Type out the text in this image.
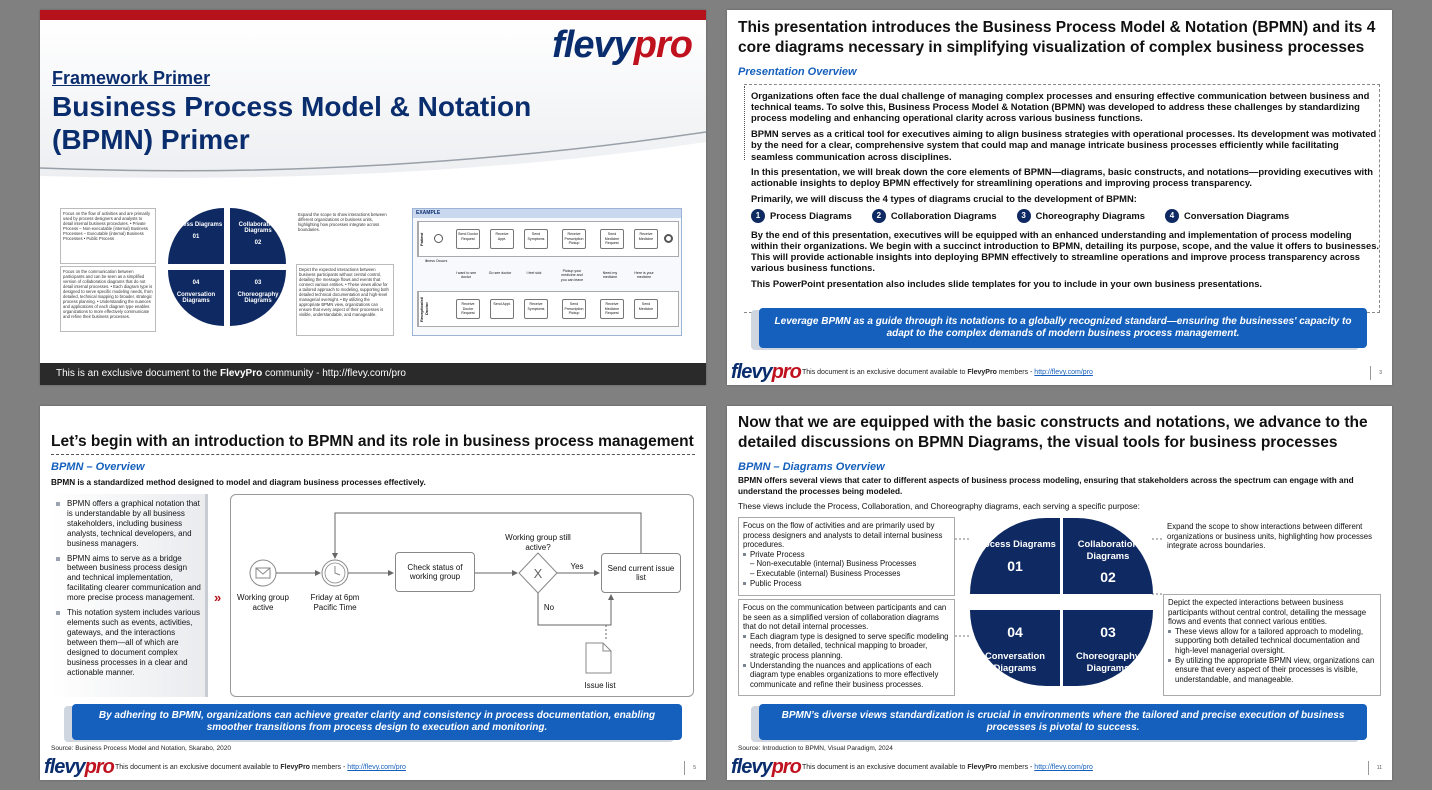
flevypro
Framework Primer
Business Process Model & Notation (BPMN) Primer
Focus on the flow of activities and are primarily used by process designers and analysts to detail internal business procedures. • Private Process – Non-executable (internal) Business Processes – Executable (internal) Business Processes • Public Process
Focus on the communication between participants and can be seen as a simplified version of collaboration diagrams that do not detail internal processes. • Each diagram type is designed to serve specific modeling needs, from detailed, technical mapping to broader, strategic process planning. • Understanding the nuances and applications of each diagram type enables organizations to more effectively communicate and refine their business processes.
Expand the scope to show interactions between different organizations or business units, highlighting how processes integrate across boundaries.
Depict the expected interactions between business participants without central control, detailing the message flows and events that connect various entities. • These views allow for a tailored approach to modeling, supporting both detailed technical documentation and high-level managerial oversight. • By utilizing the appropriate BPMN view, organizations can ensure that every aspect of their processes is visible, understandable, and manageable.
Process Diagrams
01
Collaboration Diagrams
02
04
Conversation Diagrams
03
Choreography Diagrams
EXAMPLE
Patient	Send Doctor Request
Receive Appt.
Send Symptoms
Receive Prescription Pickup
Send Medicine Request
Receive Medicine
Illness Occurs
I want to see doctor
Go see doctor	I feel sick	Pickup your medicine and you can leave
Need my medicine
Here is your medicine
Receptionist/ Doctor	Receive Doctor Request
Send Appt.	Receive Symptoms
Send Prescription Pickup
Receive Medicine Request
Send Medicine
This is an exclusive document to the FlevyPro community - http://flevy.com/pro
This presentation introduces the Business Process Model & Notation (BPMN) and its 4 core diagrams necessary in simplifying visualization of complex business processes
Presentation Overview

Organizations often face the dual challenge of managing complex processes and ensuring effective communication between business and technical teams. To solve this, Business Process Model & Notation (BPMN) was developed to address these challenges by standardizing process modeling and enhancing operational clarity across various business functions.

BPMN serves as a critical tool for executives aiming to align business strategies with operational processes. Its development was motivated by the need for a clear, comprehensive system that could map and manage intricate business processes efficiently while facilitating seamless communication across disciplines.

In this presentation, we will break down the core elements of BPMN—diagrams, basic constructs, and notations—providing executives with actionable insights to deploy BPMN effectively for streamlining operations and improving process transparency.

Primarily, we will discuss the 4 types of diagrams crucial to the development of BPMN:

1	Process Diagrams	2	Collaboration Diagrams	3	Choreography Diagrams	4	Conversation Diagrams

By the end of this presentation, executives will be equipped with an enhanced understanding and implementation of process modeling within their organizations. We begin with a succinct introduction to BPMN, detailing its purpose, scope, and the value it offers to businesses. This will provide actionable insights into deploying BPMN effectively to streamline operations and improve process transparency across various business functions.

This PowerPoint presentation also includes slide templates for you to include in your own business presentations.

Leverage BPMN as a guide through its notations to a globally recognized standard—ensuring the businesses' capacity to adapt to the complex demands of modern business process management.
flevypro This document is an exclusive document available to FlevyPro members - http://flevy.com/pro	3
Let’s begin with an introduction to BPMN and its role in business process management
BPMN – Overview
BPMN is a standardized method designed to model and diagram business processes effectively.
BPMN offers a graphical notation that is understandable by all business stakeholders, including business analysts, technical developers, and business managers.
BPMN aims to serve as a bridge between business process design and technical implementation, facilitating clearer communication and more precise process management.
This notation system includes various elements such as events, activities, gateways, and the interactions between them—all of which are designed to document complex business processes in a clear and actionable manner.
»
X
Working group active
Friday at 6pm Pacific Time
Check status of working group
Working group still active?
Yes
No
Send current issue list
Issue list
By adhering to BPMN, organizations can achieve greater clarity and consistency in process documentation, enabling smoother transitions from process design to execution and monitoring.
Source: Business Process Model and Notation, Skarabo, 2020
flevypro This document is an exclusive document available to FlevyPro members - http://flevy.com/pro	5
Now that we are equipped with the basic constructs and notations, we advance to the detailed discussions on BPMN Diagrams, the visual tools for business processes
BPMN – Diagrams Overview
BPMN offers several views that cater to different aspects of business process modeling, ensuring that stakeholders across the spectrum can engage with and understand the processes being modeled.
These views include the Process, Collaboration, and Choreography diagrams, each serving a specific purpose:
Focus on the flow of activities and are primarily used by process designers and analysts to detail internal business procedures.
Private Process
– Non-executable (internal) Business Processes
– Executable (internal) Business Processes
Public Process
Focus on the communication between participants and can be seen as a simplified version of collaboration diagrams that do not detail internal processes.
Each diagram type is designed to serve specific modeling needs, from detailed, technical mapping to broader, strategic process planning.
Understanding the nuances and applications of each diagram type enables organizations to more effectively communicate and refine their business processes.
Expand the scope to show interactions between different organizations or business units, highlighting how processes integrate across boundaries.
Depict the expected interactions between business participants without central control, detailing the message flows and events that connect various entities.
These views allow for a tailored approach to modeling, supporting both detailed technical documentation and high-level managerial oversight.
By utilizing the appropriate BPMN view, organizations can ensure that every aspect of their processes is visible, understandable, and manageable.
Process Diagrams
01
Collaboration Diagrams
02
04
Conversation Diagrams
03
Choreography Diagrams
BPMN’s diverse views standardization is crucial in environments where the tailored and precise execution of business processes is pivotal to success.
Source: Introduction to BPMN, Visual Paradigm, 2024
flevypro This document is an exclusive document available to FlevyPro members - http://flevy.com/pro	11
